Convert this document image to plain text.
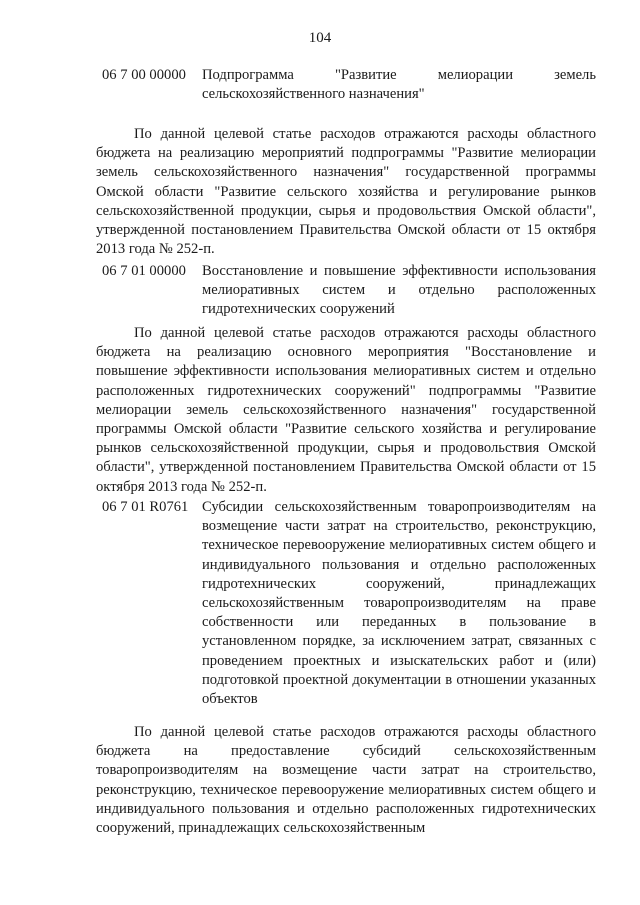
104
06 7 00 00000 Подпрограмма "Развитие мелиорации земель сельскохозяйственного назначения"
По данной целевой статье расходов отражаются расходы областного бюджета на реализацию мероприятий подпрограммы "Развитие мелиорации земель сельскохозяйственного назначения" государственной программы Омской области "Развитие сельского хозяйства и регулирование рынков сельскохозяйственной продукции, сырья и продовольствия Омской области", утвержденной постановлением Правительства Омской области от 15 октября 2013 года № 252-п.
06 7 01 00000 Восстановление и повышение эффективности использования мелиоративных систем и отдельно расположенных гидротехнических сооружений
По данной целевой статье расходов отражаются расходы областного бюджета на реализацию основного мероприятия "Восстановление и повышение эффективности использования мелиоративных систем и отдельно расположенных гидротехнических сооружений" подпрограммы "Развитие мелиорации земель сельскохозяйственного назначения" государственной программы Омской области "Развитие сельского хозяйства и регулирование рынков сельскохозяйственной продукции, сырья и продовольствия Омской области", утвержденной постановлением Правительства Омской области от 15 октября 2013 года № 252-п.
06 7 01 R0761 Субсидии сельскохозяйственным товаропроизводителям на возмещение части затрат на строительство, реконструкцию, техническое перевооружение мелиоративных систем общего и индивидуального пользования и отдельно расположенных гидротехнических сооружений, принадлежащих сельскохозяйственным товаропроизводителям на праве собственности или переданных в пользование в установленном порядке, за исключением затрат, связанных с проведением проектных и изыскательских работ и (или) подготовкой проектной документации в отношении указанных объектов
По данной целевой статье расходов отражаются расходы областного бюджета на предоставление субсидий сельскохозяйственным товаропроизводителям на возмещение части затрат на строительство, реконструкцию, техническое перевооружение мелиоративных систем общего и индивидуального пользования и отдельно расположенных гидротехнических сооружений, принадлежащих сельскохозяйственным
